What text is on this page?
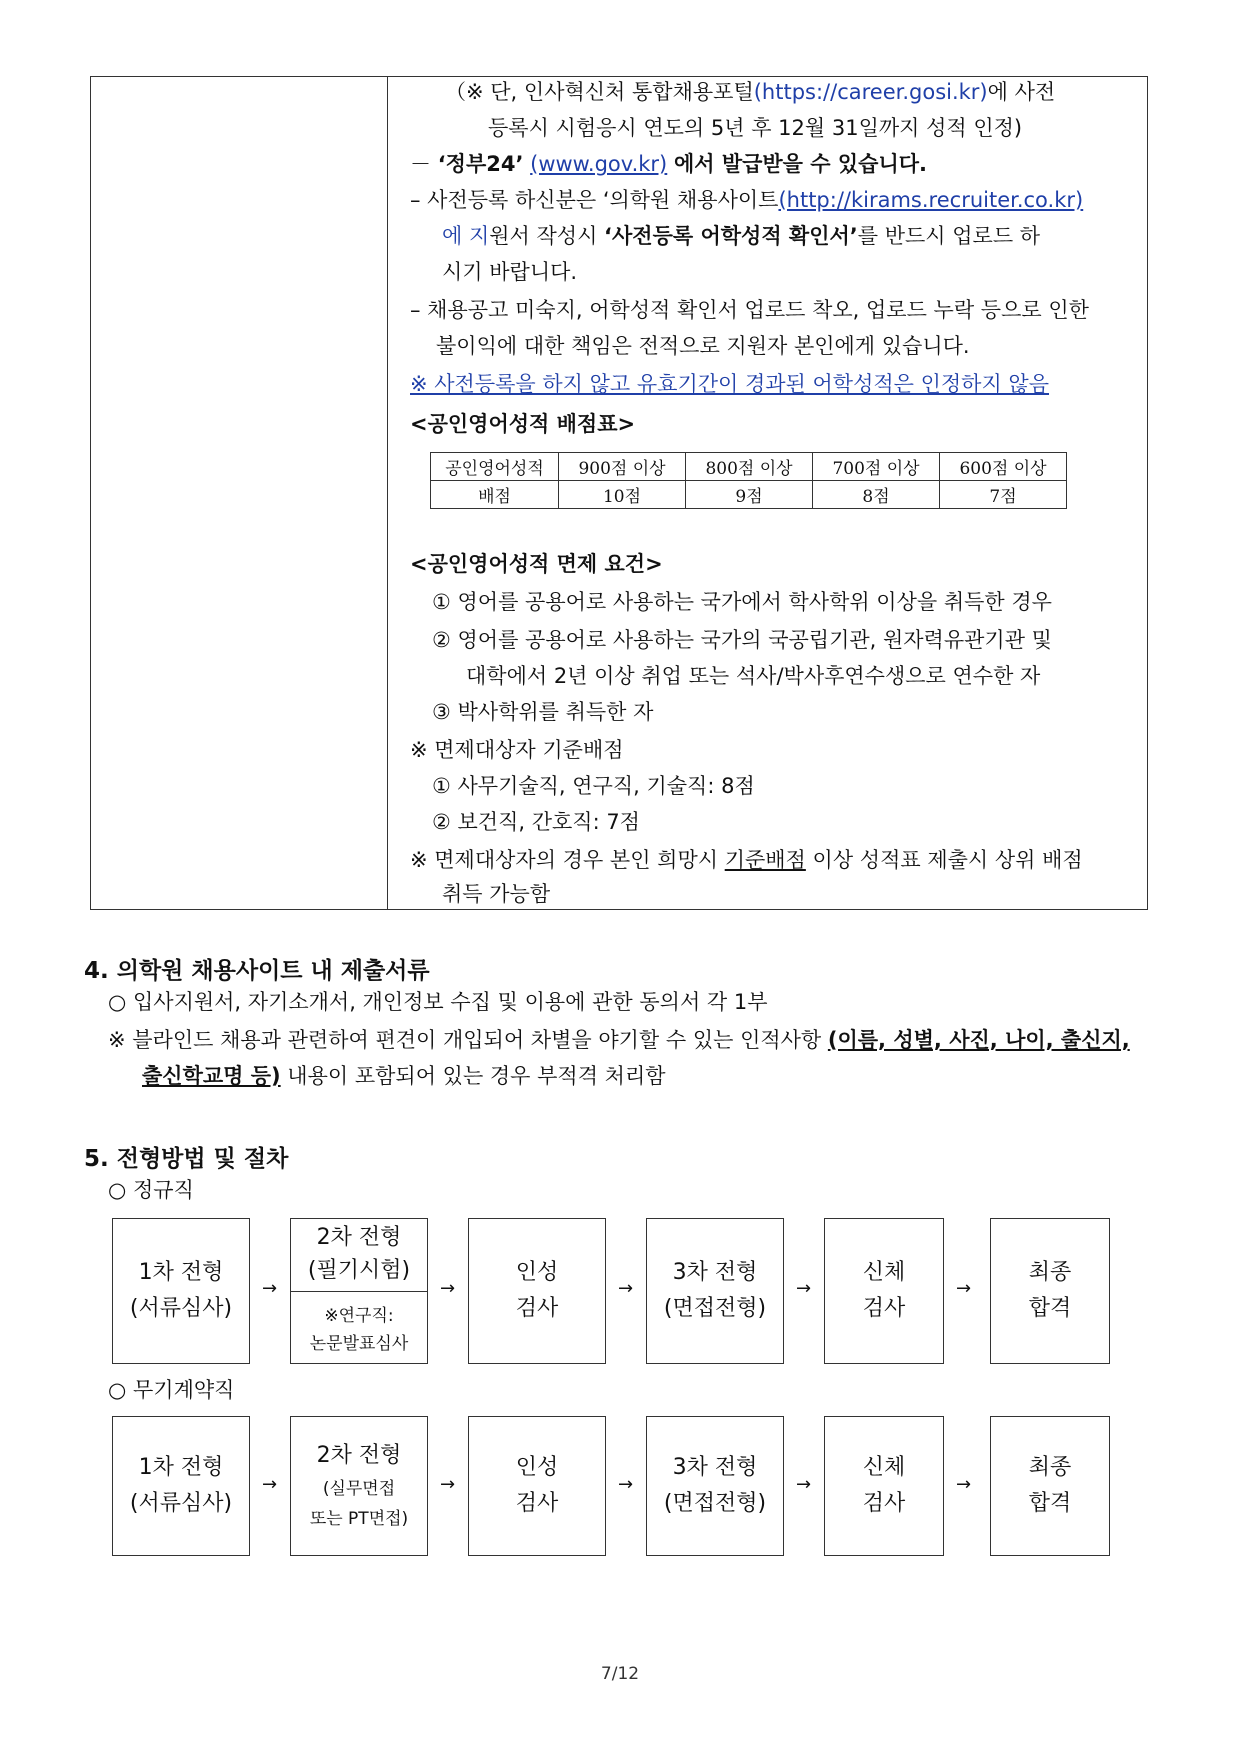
（※ 단, 인사혁신처 통합채용포털(https://career.gosi.kr)에 사전
등록시 시험응시 연도의 5년 후 12월 31일까지 성적 인정)
－ ‘정부24’ (www.gov.kr) 에서 발급받을 수 있습니다.
– 사전등록 하신분은 ‘의학원 채용사이트(http://kirams.recruiter.co.kr)
에 지원서 작성시 ‘사전등록 어학성적 확인서’를 반드시 업로드 하
시기 바랍니다.
– 채용공고 미숙지, 어학성적 확인서 업로드 착오, 업로드 누락 등으로 인한
불이익에 대한 책임은 전적으로 지원자 본인에게 있습니다.
※ 사전등록을 하지 않고 유효기간이 경과된 어학성적은 인정하지 않음
<공인영어성적 배점표>
공인영어성적	900점 이상	800점 이상	700점 이상	600점 이상
배점	10점	9점	8점	7점
<공인영어성적 면제 요건>
① 영어를 공용어로 사용하는 국가에서 학사학위 이상을 취득한 경우
② 영어를 공용어로 사용하는 국가의 국공립기관, 원자력유관기관 및
대학에서 2년 이상 취업 또는 석사/박사후연수생으로 연수한 자
③ 박사학위를 취득한 자
※ 면제대상자 기준배점
① 사무기술직, 연구직, 기술직: 8점
② 보건직, 간호직: 7점
※ 면제대상자의 경우 본인 희망시 기준배점 이상 성적표 제출시 상위 배점
취득 가능함
4. 의학원 채용사이트 내 제출서류
○ 입사지원서, 자기소개서, 개인정보 수집 및 이용에 관한 동의서 각 1부
※ 블라인드 채용과 관련하여 편견이 개입되어 차별을 야기할 수 있는 인적사항 (이름, 성별, 사진, 나이, 출신지,
출신학교명 등) 내용이 포함되어 있는 경우 부적격 처리함
5. 전형방법 및 절차
○ 정규직
1차 전형
(서류심사)
→
2차 전형
(필기시험)
※연구직:
논문발표심사
→
인성
검사
→
3차 전형
(면접전형)
→
신체
검사
→
최종
합격
○ 무기계약직
1차 전형
(서류심사)
→
2차 전형
(실무면접
또는 PT면접)
→
인성
검사
→
3차 전형
(면접전형)
→
신체
검사
→
최종
합격
7/12
